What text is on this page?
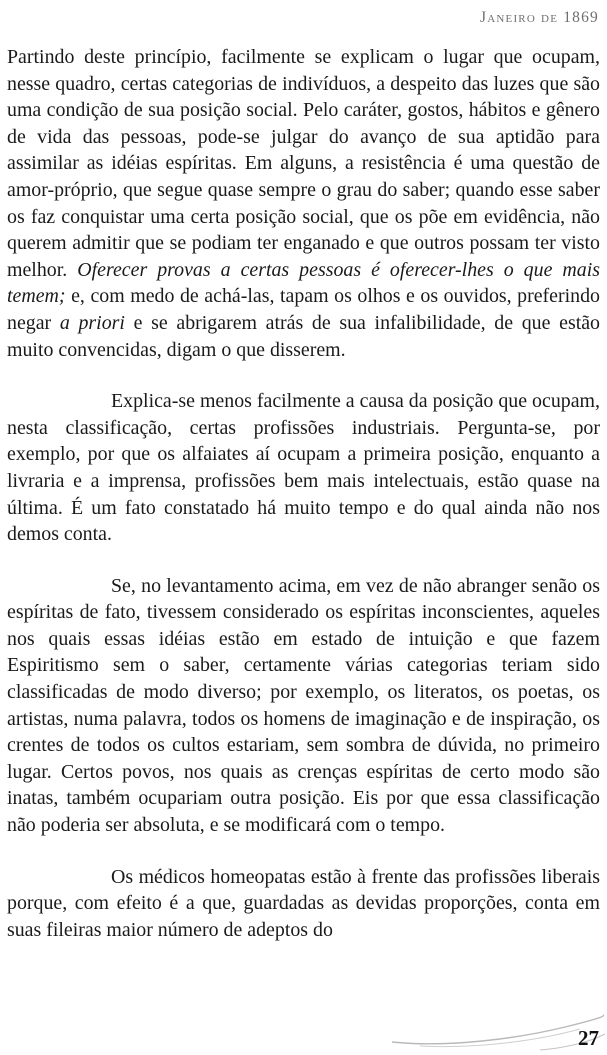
Janeiro de 1869

Partindo deste princípio, facilmente se explicam o lugar que ocupam, nesse quadro, certas categorias de indivíduos, a despeito das luzes que são uma condição de sua posição social. Pelo caráter, gostos, hábitos e gênero de vida das pessoas, pode-se julgar do avanço de sua aptidão para assimilar as idéias espíritas. Em alguns, a resistência é uma questão de amor-próprio, que segue quase sempre o grau do saber; quando esse saber os faz conquistar uma certa posição social, que os põe em evidência, não querem admitir que se podiam ter enganado e que outros possam ter visto melhor. Oferecer provas a certas pessoas é oferecer-lhes o que mais temem; e, com medo de achá-las, tapam os olhos e os ouvidos, preferindo negar a priori e se abrigarem atrás de sua infalibilidade, de que estão muito convencidas, digam o que disserem.

Explica-se menos facilmente a causa da posição que ocupam, nesta classificação, certas profissões industriais. Pergunta-se, por exemplo, por que os alfaiates aí ocupam a primeira posição, enquanto a livraria e a imprensa, profissões bem mais intelectuais, estão quase na última. É um fato constatado há muito tempo e do qual ainda não nos demos conta.

Se, no levantamento acima, em vez de não abranger senão os espíritas de fato, tivessem considerado os espíritas inconscientes, aqueles nos quais essas idéias estão em estado de intuição e que fazem Espiritismo sem o saber, certamente várias categorias teriam sido classificadas de modo diverso; por exemplo, os literatos, os poetas, os artistas, numa palavra, todos os homens de imaginação e de inspiração, os crentes de todos os cultos estariam, sem sombra de dúvida, no primeiro lugar. Certos povos, nos quais as crenças espíritas de certo modo são inatas, também ocupariam outra posição. Eis por que essa classificação não poderia ser absoluta, e se modificará com o tempo.

Os médicos homeopatas estão à frente das profissões liberais porque, com efeito é a que, guardadas as devidas proporções, conta em suas fileiras maior número de adeptos do

27
